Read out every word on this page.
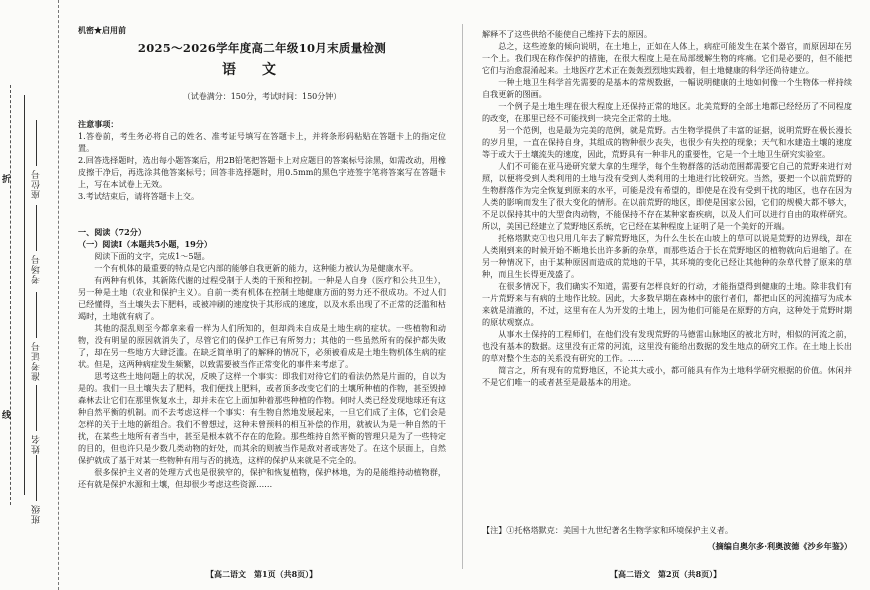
折
线
座位号
考场号
准考证号
姓名
班级
机密★启用前
2025～2026学年度高二年级10月末质量检测
语文
（试卷满分：150分，考试时间：150分钟）

注意事项：

1.答卷前，考生务必将自己的姓名、准考证号填写在答题卡上，并将条形码粘贴在答题卡上的指定位置。

2.回答选择题时，选出每小题答案后，用2B铅笔把答题卡上对应题目的答案标号涂黑，如需改动，用橡皮擦干净后，再选涂其他答案标号；回答非选择题时，用0.5mm的黑色字迹签字笔将答案写在答题卡上，写在本试卷上无效。

3.考试结束后，请将答题卡上交。

一、阅读（72分）

（一）阅读Ⅰ（本题共5小题，19分）

阅读下面的文字，完成1～5题。

一个有机体的最重要的特点是它内部的能够自我更新的能力，这种能力被认为是健康水平。

有两种有机体，其新陈代谢的过程受制于人类的干预和控制。一种是人自身（医疗和公共卫生），另一种是土地（农业和保护主义）。自前一类有机体在控制土地健康方面的努力还不很成功。不过人们已经懂得，当土壤失去下肥料，或被冲刷的速度快于其形成的速度，以及水系出现了不正常的泛滥和枯竭时，土地就有病了。

其他的混乱则至今都拿来看一样为人们所知的，但却尚未自成是土地生病的症状。一些植物和动物，没有明显的原因就消失了，尽管它们的保护工作已有所努力；其他的一些虽然所有的保护都失败了，却在另一些地方大肆泛滥。在缺乏简单明了的解释的情况下，必须被看成是土地生物机体生病的症状。但是，这两种病症发生频繁，以致需要被当作正常变化的事件来考虑了。

思考这些土地问题上的状况，反映了这样一个事实：即我们对待它们的看法仍然是片面的，自以为是的。我们一旦土壤失去了肥料，我们便找上肥料，或者顶多改变它们的土壤所种植的作物，甚至毁掉森林去让它们在那里恢复水土，却并未在它上面加种着那些种植的作物。何时人类已经发现地球还有这种自然平衡的机制。而不去考虑这样一个事实：有生物自然地发展起来，一旦它们成了主体，它们会是怎样的关于土地的新组合。我们不曾想过，这种未曾预料的相互补偿的作用，就被认为是一种自然的干扰，在某些土地所有者当中，甚至是根本就不存在的危险。那些维持自然平衡的管理只是为了一些特定的目的，但也许只是少数几类动物的好处，而其余的则被当作是敌对者或害处了。在这个层面上，自然保护就成了基于对某一些物种有用与否的挑选，这样的保护从来就是不完全的。

很多保护主义者的处理方式也是很狭窄的，保护和恢复植物，保护林地，为的是能维持动植物群，还有就是保护水源和土壤，但却很少考虑这些资源……

【高二语文　第1页（共8页）】

解释不了这些供给不能使自己维持下去的原因。

总之，这些迹象的倾向说明，在土地上，正如在人体上，病症可能发生在某个器官，而原因却在另一个上。我们现在称作保护的措施，在很大程度上是在局部缓解生物的疼痛。它们是必要的，但不能把它们与治愈混淆起来。土地医疗艺术正在轰轰烈烈地实践着，但土地健康的科学还尚待建立。

一种土地卫生科学首先需要的是基本的常规数据，一幅说明健康的土地如何像一个生物体一样持续自我更新的图画。

一个例子是土地生理在很大程度上还保持正常的地区。北美荒野的全部土地都已经经历了不同程度的改变，在那里已经不可能找到一块完全正常的土地。

另一个范例，也是最为完美的范例，就是荒野。古生物学提供了丰富的证据，说明荒野在极长漫长的岁月里，一直在保持自身，其组成的物种很少丧失，也很少有失控的现象；天气和水建造土壤的速度等于或大于土壤流失的速度，因此，荒野具有一种非凡的重要性，它是一个土地卫生研究实验室。

人们不可能在亚马逊研究蒙大拿的生理学，每个生物群落的活动范围都需要它自己的荒野来进行对照，以便将受到人类利用的土地与没有受到人类利用的土地进行比较研究。当然，要把一个以前荒野的生物群落作为完全恢复到原来的水平，可能是没有希望的，即使是在没有受到干扰的地区，也存在因为人类的影响而发生了很大变化的情形。在以前荒野的地区，即使是国家公园，它们的规模大都不够大，不足以保持其中的大型食肉动物，不能保持不存在某种家畜疾病，以及人们可以进行自由的取样研究。所以，美国已经建立了荒野地区系统，它已经在某种程度上证明了是一个美好的开端。

托格塔默克①也只用几年去了解荒野地区，为什么生长在山坡上的草可以说是荒野的边界线，却在人类刚到来的时候开始不断地长出许多新的杂草，而那些适合于长在荒野地区的植物就向后退缩了。在另一种情况下，由于某种原因而造成的荒地的干旱，其环境的变化已经让其他种的杂草代替了原来的草种，而且生长得更茂盛了。

在很多情况下，我们确实不知道，需要有怎样良好的行动，才能指望得到健康的土地。除非我们有一片荒野来与有病的土地作比较。因此，大多数早期在森林中的旅行者们，都把山区的河流描写为成本来就是清澈的，不过，这里有在人为开发的土地上，因为他们可能是在原野的方向，这种处于荒野时期的原状观察点。

从事水土保持的工程师们，在他们没有发现荒野的马德雷山脉地区的被北方时，相似的河流之前，也没有基本的数据。这里没有正常的河流，这里没有能给出数据的发生地点的研究工作。在土地上长出的草对整个生态的关系没有研究的工作。……

简言之，所有现有的荒野地区，不论其大或小，都可能具有作为土地科学研究根据的价值。休闲并不是它们唯一的或者甚至是最基本的用途。

【注】①托格塔默克：美国十九世纪著名生物学家和环境保护主义者。

（摘编自奥尔多·利奥波德《沙乡年鉴》）
【高二语文　第2页（共8页）】
